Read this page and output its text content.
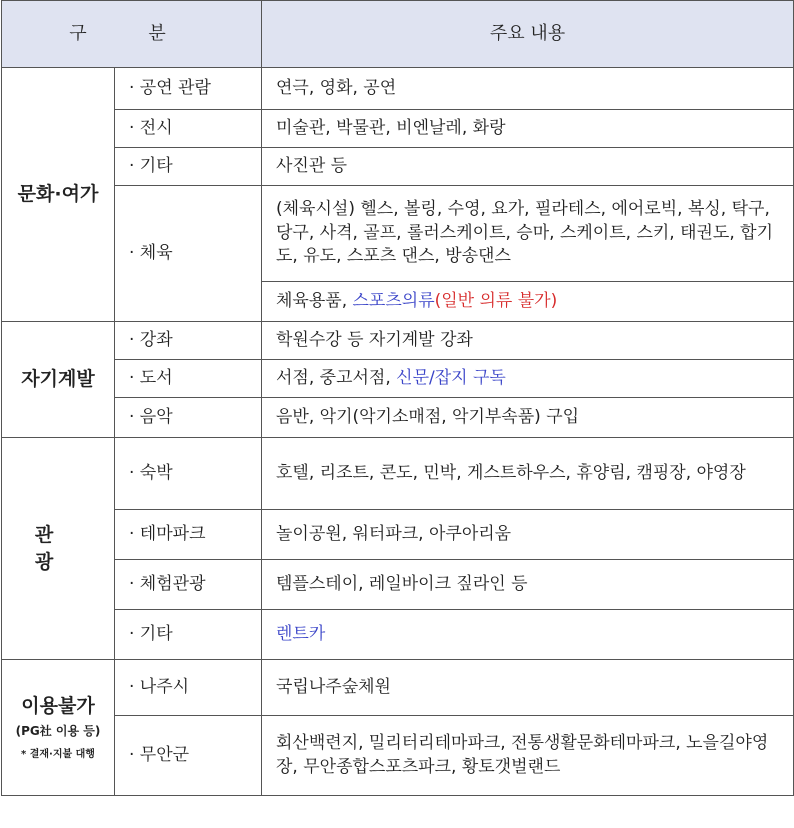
구 분		주요 내용
문화·여가	· 공연 관람	연극, 영화, 공연
	· 전시	미술관, 박물관, 비엔날레, 화랑
	· 기타	사진관 등
	· 체육	(체육시설) 헬스, 볼링, 수영, 요가, 필라테스, 에어로빅, 복싱, 탁구, 당구, 사격, 골프, 롤러스케이트, 승마, 스케이트, 스키, 태권도, 합기도, 유도, 스포츠 댄스, 방송댄스
		체육용품, 스포츠의류(일반 의류 불가)
자기계발	· 강좌	학원수강 등 자기계발 강좌
	· 도서	서점, 중고서점, 신문/잡지 구독
	· 음악	음반, 악기(악기소매점, 악기부속품) 구입
관 광	· 숙박	호텔, 리조트, 콘도, 민박, 게스트하우스, 휴양림, 캠핑장, 야영장
	· 테마파크	놀이공원, 워터파크, 아쿠아리움
	· 체험관광	템플스테이, 레일바이크 짚라인 등
	· 기타	렌트카

이용불가
(PG社 이용 등)
* 결재·지불 대행	· 나주시	국립나주숲체원
	· 무안군	회산백련지, 밀리터리테마파크, 전통생활문화테마파크, 노을길야영장, 무안종합스포츠파크, 황토갯벌랜드
